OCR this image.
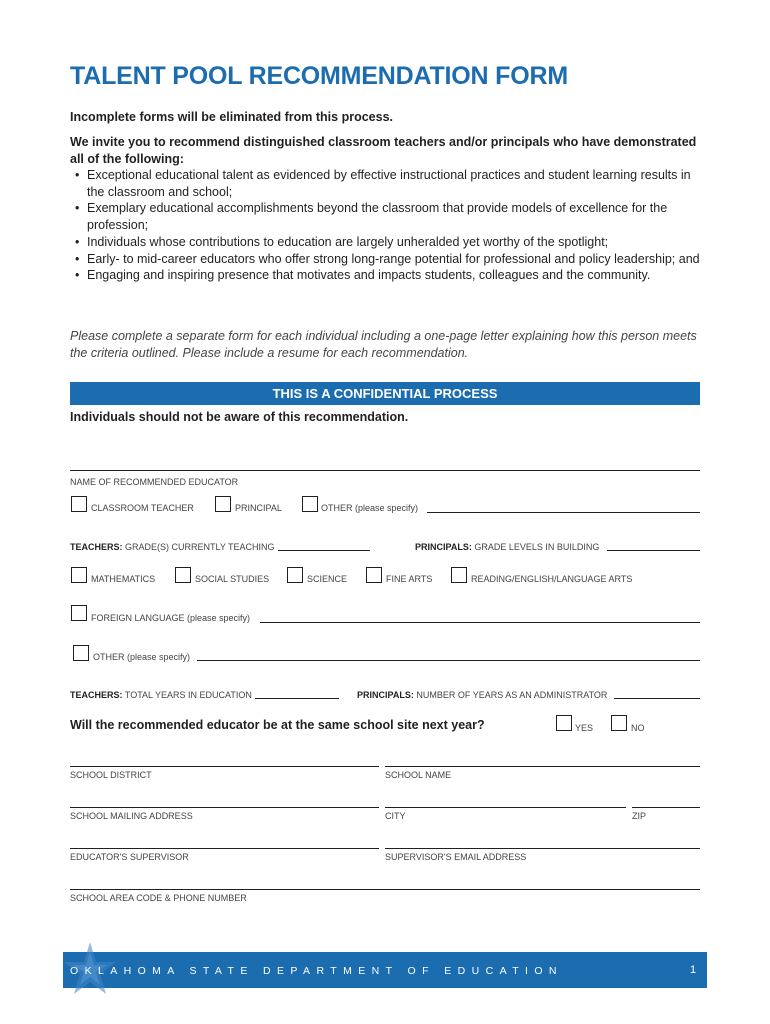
TALENT POOL RECOMMENDATION FORM
Incomplete forms will be eliminated from this process.
We invite you to recommend distinguished classroom teachers and/or principals who have demonstrated all of the following:
• Exceptional educational talent as evidenced by effective instructional practices and student learning results in the classroom and school;
• Exemplary educational accomplishments beyond the classroom that provide models of excellence for the profession;
• Individuals whose contributions to education are largely unheralded yet worthy of the spotlight;
• Early- to mid-career educators who offer strong long-range potential for professional and policy leadership; and
• Engaging and inspiring presence that motivates and impacts students, colleagues and the community.
Please complete a separate form for each individual including a one-page letter explaining how this person meets the criteria outlined. Please include a resume for each recommendation.
THIS IS A CONFIDENTIAL PROCESS
Individuals should not be aware of this recommendation.
NAME OF RECOMMENDED EDUCATOR
CLASSROOM TEACHER	PRINCIPAL	OTHER (please specify)
TEACHERS: GRADE(S) CURRENTLY TEACHING	PRINCIPALS: GRADE LEVELS IN BUILDING
MATHEMATICS	SOCIAL STUDIES	SCIENCE	FINE ARTS	READING/ENGLISH/LANGUAGE ARTS
FOREIGN LANGUAGE (please specify)
OTHER (please specify)
TEACHERS: TOTAL YEARS IN EDUCATION	PRINCIPALS: NUMBER OF YEARS AS AN ADMINISTRATOR
Will the recommended educator be at the same school site next year?	YES	NO
SCHOOL DISTRICT	SCHOOL NAME
SCHOOL MAILING ADDRESS	CITY	ZIP
EDUCATOR'S SUPERVISOR	SUPERVISOR'S EMAIL ADDRESS
SCHOOL AREA CODE & PHONE NUMBER
OKLAHOMA STATE DEPARTMENT OF EDUCATION	1
